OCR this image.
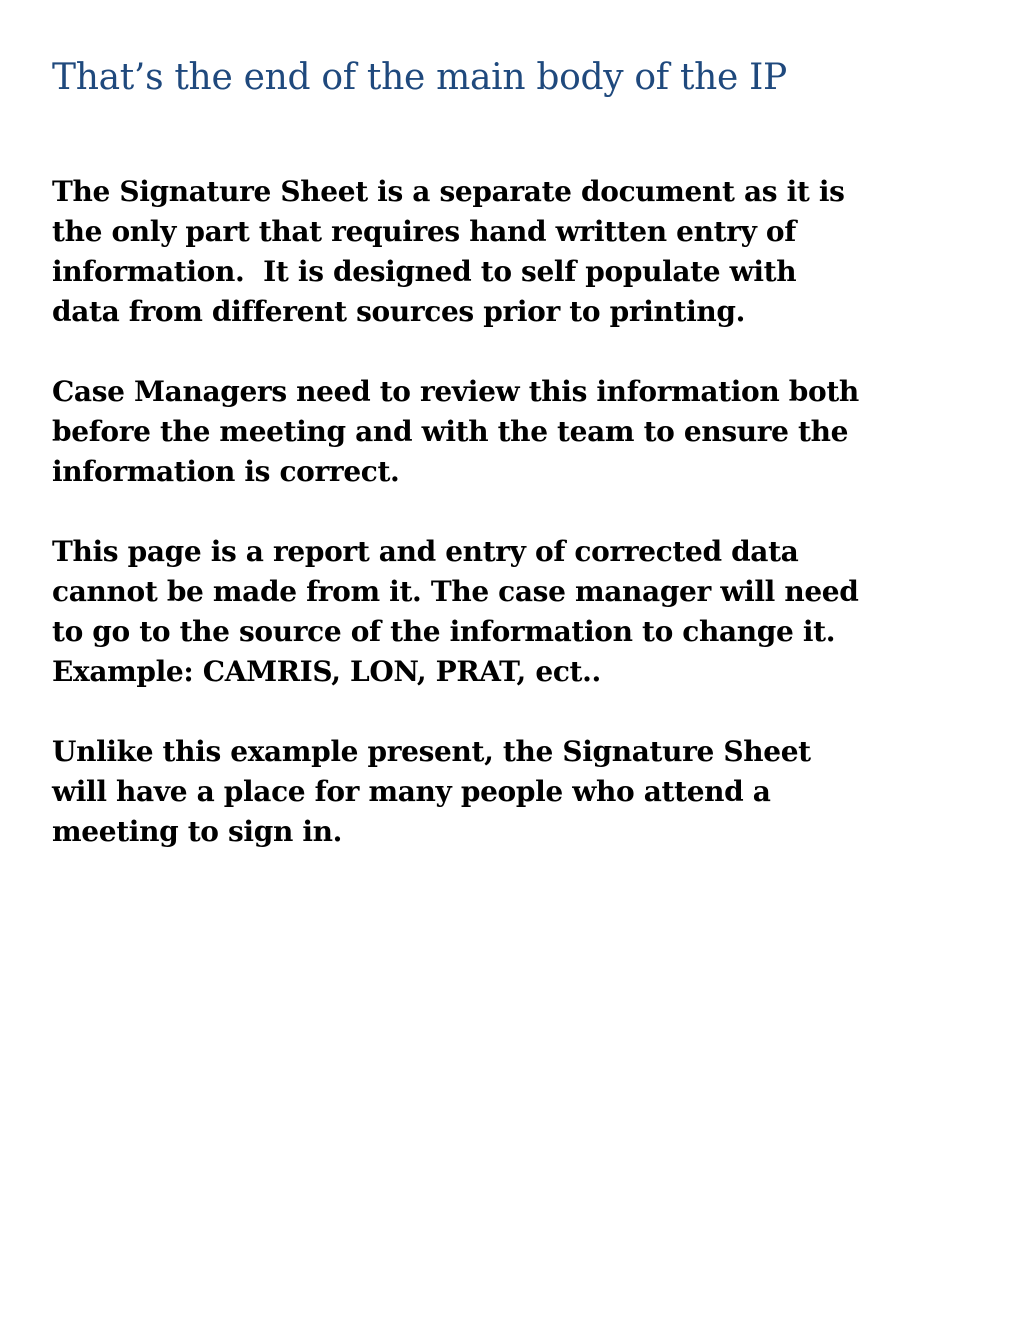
That’s the end of the main body of the IP

The Signature Sheet is a separate document as it is
the only part that requires hand written entry of
information.  It is designed to self populate with
data from different sources prior to printing.

Case Managers need to review this information both
before the meeting and with the team to ensure the
information is correct.

This page is a report and entry of corrected data
cannot be made from it. The case manager will need
to go to the source of the information to change it.
Example: CAMRIS, LON, PRAT, ect..

Unlike this example present, the Signature Sheet
will have a place for many people who attend a
meeting to sign in.
